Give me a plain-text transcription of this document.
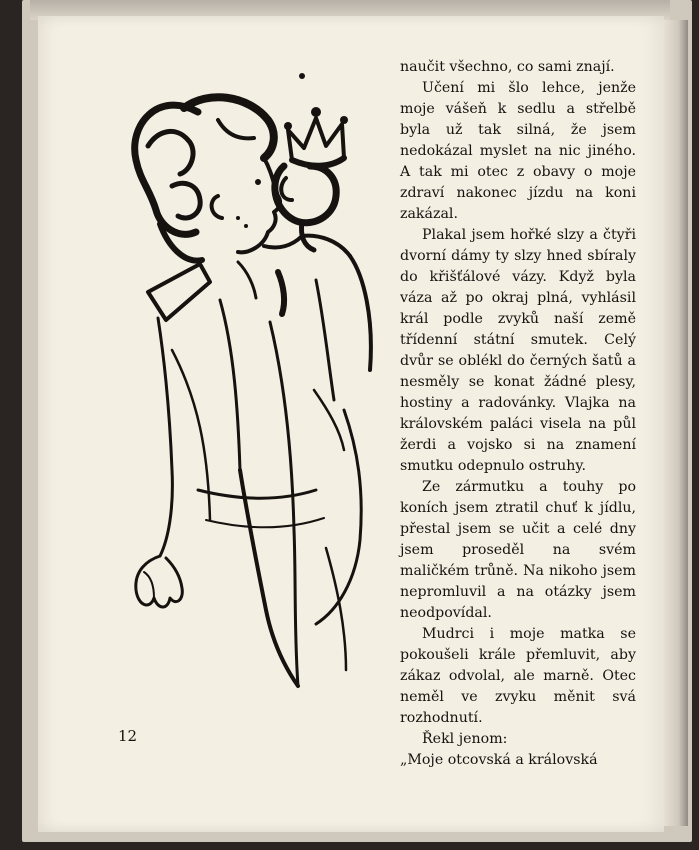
naučit všechno, co sami znají.

Učení mi šlo lehce, jenže moje vášeň k sedlu a střelbě byla už tak silná, že jsem nedokázal myslet na nic jiného. A tak mi otec z obavy o moje zdraví nakonec jízdu na koni zakázal.

Plakal jsem hořké slzy a čtyři dvorní dámy ty slzy hned sbíraly do křišťálové vázy. Když byla váza až po okraj plná, vyhlásil král podle zvyků naší země třídenní státní smutek. Celý dvůr se oblékl do černých šatů a nesměly se konat žádné plesy, hostiny a radovánky. Vlajka na královském paláci visela na půl žerdi a vojsko si na znamení smutku odepnulo ostruhy.

Ze zármutku a touhy po koních jsem ztratil chuť k jídlu, přestal jsem se učit a celé dny jsem proseděl na svém maličkém trůně. Na nikoho jsem nepromluvil a na otázky jsem neodpovídal.

Mudrci i moje matka se pokoušeli krále přemluvit, aby zákaz odvolal, ale marně. Otec neměl ve zvyku měnit svá rozhodnutí.

Řekl jenom:

„Moje otcovská a královská

12
